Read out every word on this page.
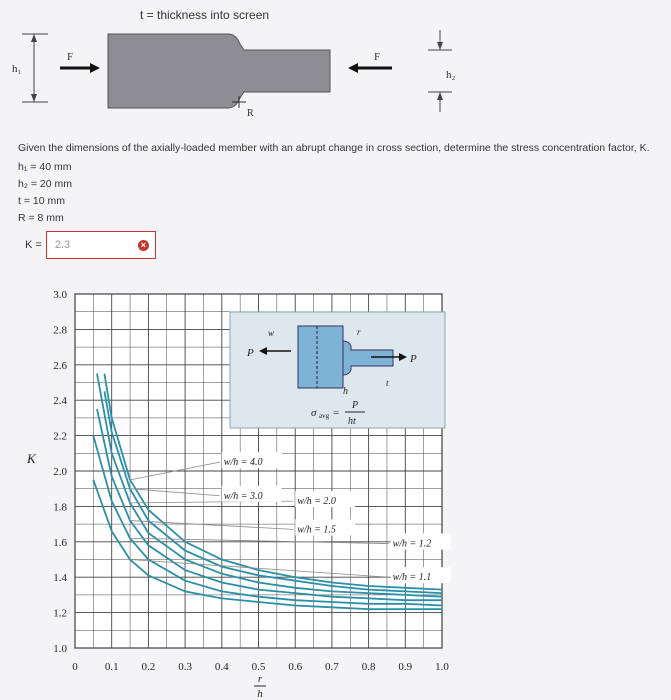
t = thickness into screen
h₁
F	F
R
h₂
Given the dimensions of the axially-loaded member with an abrupt change in cross section, determine the stress concentration factor, K.
h₁ = 40 mm
h₂ = 20 mm
t = 10 mm
R = 8 mm
K =
2.3	×
w/h = 4.0
w/h = 3.0	w/h = 2.0
w/h = 1.5
w/h = 1.2
w/h = 1.1
0 0.1 0.2 0.3 0.4 0.5 0.6 0.7 0.8 0.9 1.0
1.0
1.2
1.4
1.6
1.8
2.0
2.2
2.4
2.6
2.8
3.0
K
r
h
P	P
w	r
h
t
σ avg =
P
ht
